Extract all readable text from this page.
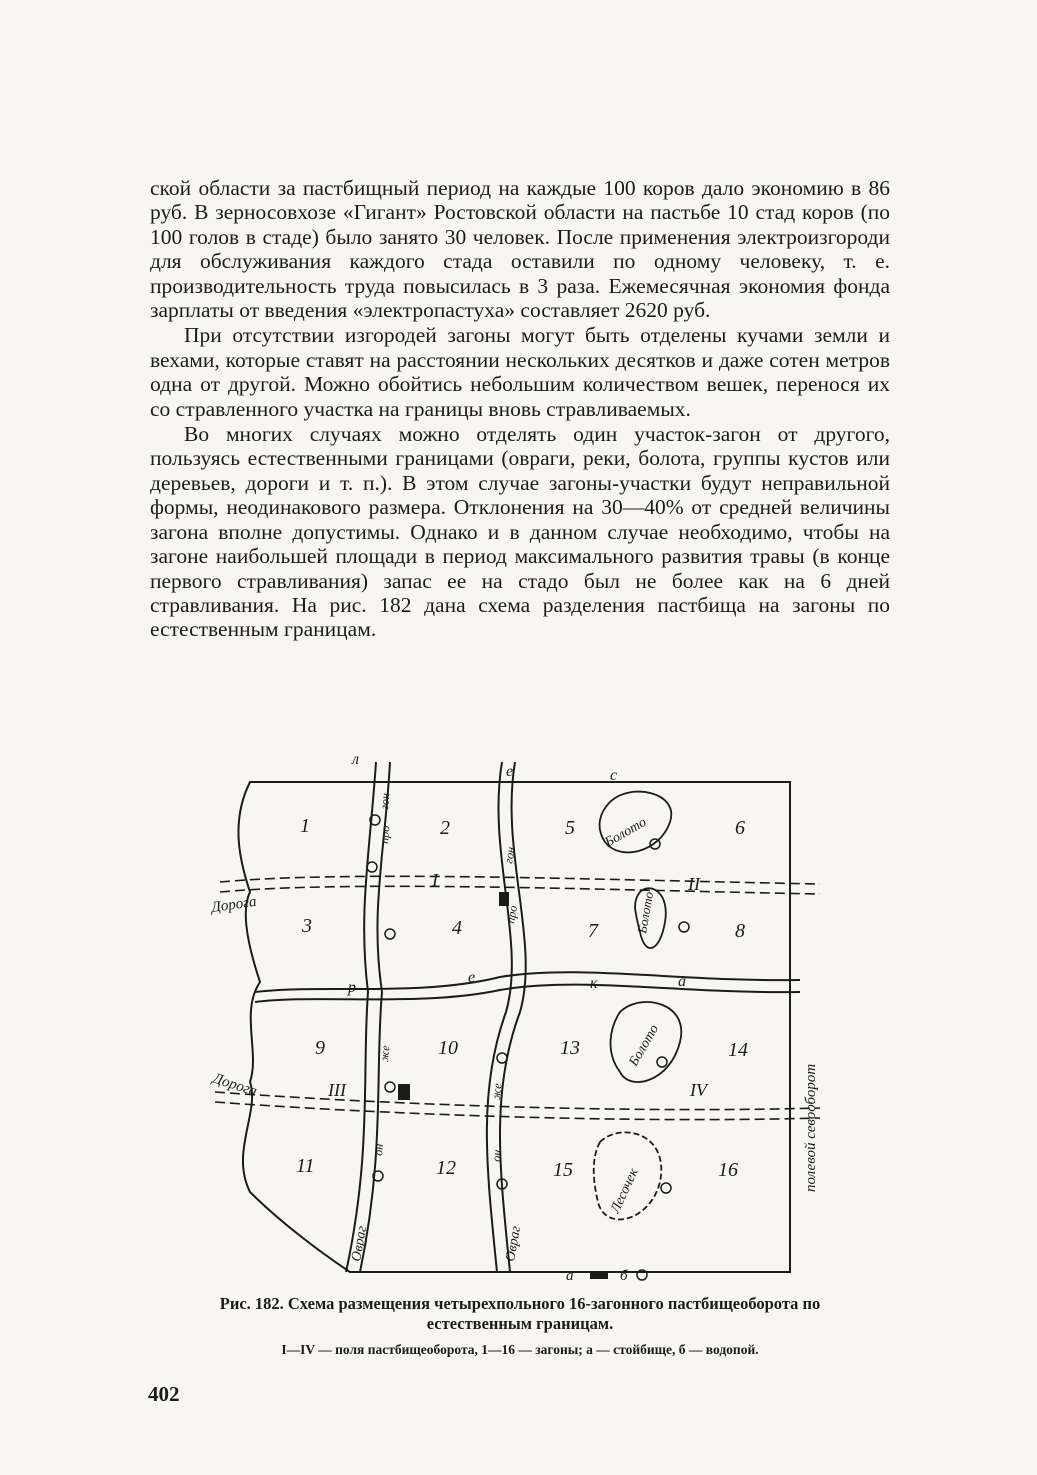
ской области за пастбищный период на каждые 100 коров дало экономию в 86 руб. В зерносовхозе «Гигант» Ростовской области на пастьбе 10 стад коров (по 100 голов в стаде) было занято 30 человек. После применения электроизгороди для обслуживания каждого стада оставили по одному человеку, т. е. производительность труда повысилась в 3 раза. Ежемесячная экономия фонда зарплаты от введения «электропастуха» составляет 2620 руб.

При отсутствии изгородей загоны могут быть отделены кучами земли и вехами, которые ставят на расстоянии нескольких десятков и даже сотен метров одна от другой. Можно обойтись небольшим количеством вешек, перенося их со стравленного участка на границы вновь стравливаемых.

Во многих случаях можно отделять один участок-загон от другого, пользуясь естественными границами (овраги, реки, болота, группы кустов или деревьев, дороги и т. п.). В этом случае загоны-участки будут неправильной формы, неодинакового размера. Отклонения на 30—40% от средней величины загона вполне допустимы. Однако и в данном случае необходимо, чтобы на загоне наибольшей площади в период максимального развития травы (в конце первого стравливания) запас ее на стадо был не более как на 6 дней стравливания. На рис. 182 дана схема разделения пастбища на загоны по естественным границам.

1	2	5	6
3	4	7	8
9	10	13	14
11	12	15	16
I	II
III	IV
Болото
Болото
Болото
Лесочек
Дорога
Дорога
р
е	к	а
Овраг	Овраг
про
гон
про
гон
же
он
же
он
л
е	с
полевой севооборот
а	б
Рис. 182. Схема размещения четырехпольного 16-загонного пастбищеоборота по естественным границам.
I—IV — поля пастбищеоборота, 1—16 — загоны; а — стойбище, б — водопой.
402
